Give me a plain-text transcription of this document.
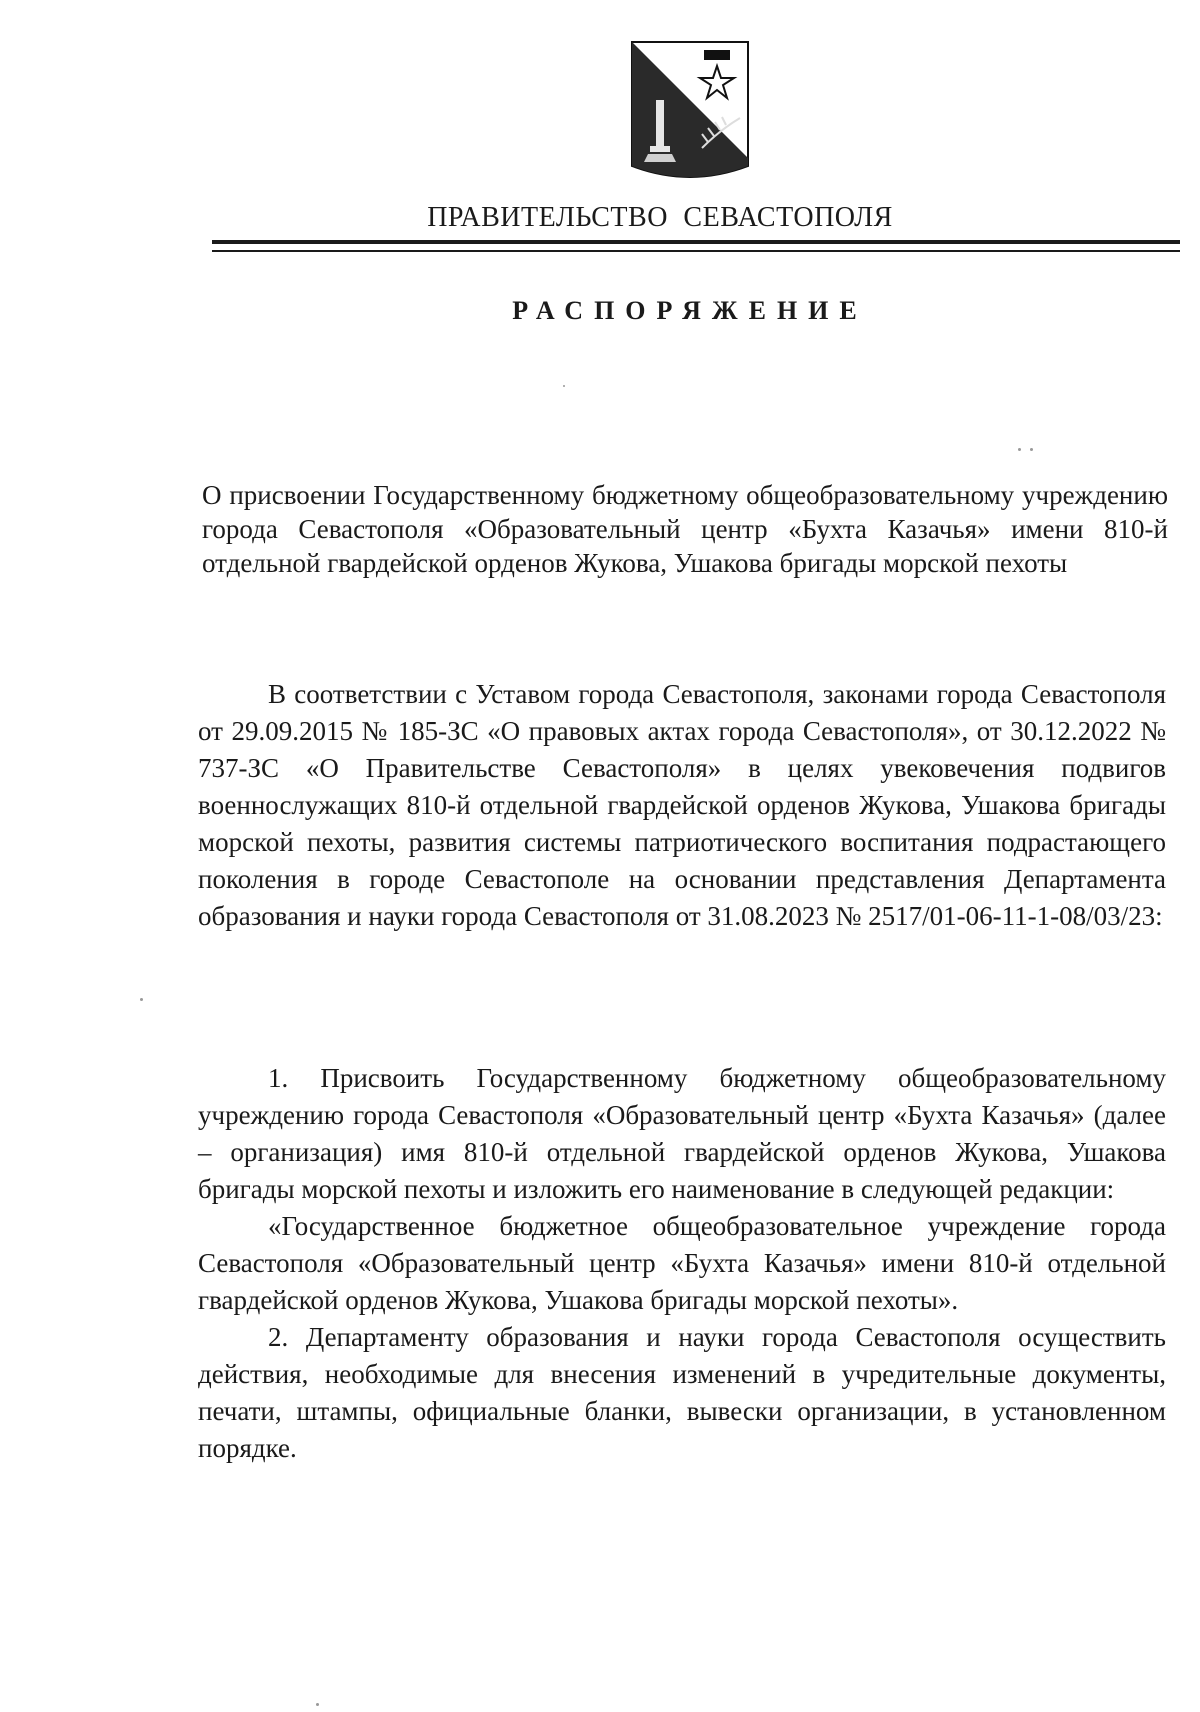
ПРАВИТЕЛЬСТВО СЕВАСТОПОЛЯ
РАСПОРЯЖЕНИЕ
О присвоении Государственному бюджетному общеобразовательному учреждению города Севастополя «Образовательный центр «Бухта Казачья» имени 810-й отдельной гвардейской орденов Жукова, Ушакова бригады морской пехоты

В соответствии с Уставом города Севастополя, законами города Севастополя от 29.09.2015 № 185-ЗС «О правовых актах города Севастополя», от 30.12.2022 № 737-ЗС «О Правительстве Севастополя» в целях увековечения подвигов военнослужащих 810-й отдельной гвардейской орденов Жукова, Ушакова бригады морской пехоты, развития системы патриотического воспитания подрастающего поколения в городе Севастополе на основании представления Департамента образования и науки города Севастополя от 31.08.2023 № 2517/01-06-11-1-08/03/23:

1. Присвоить Государственному бюджетному общеобразовательному учреждению города Севастополя «Образовательный центр «Бухта Казачья» (далее – организация) имя 810-й отдельной гвардейской орденов Жукова, Ушакова бригады морской пехоты и изложить его наименование в следующей редакции:

«Государственное бюджетное общеобразовательное учреждение города Севастополя «Образовательный центр «Бухта Казачья» имени 810-й отдельной гвардейской орденов Жукова, Ушакова бригады морской пехоты».

2. Департаменту образования и науки города Севастополя осуществить действия, необходимые для внесения изменений в учредительные документы, печати, штампы, официальные бланки, вывески организации, в установленном порядке.
